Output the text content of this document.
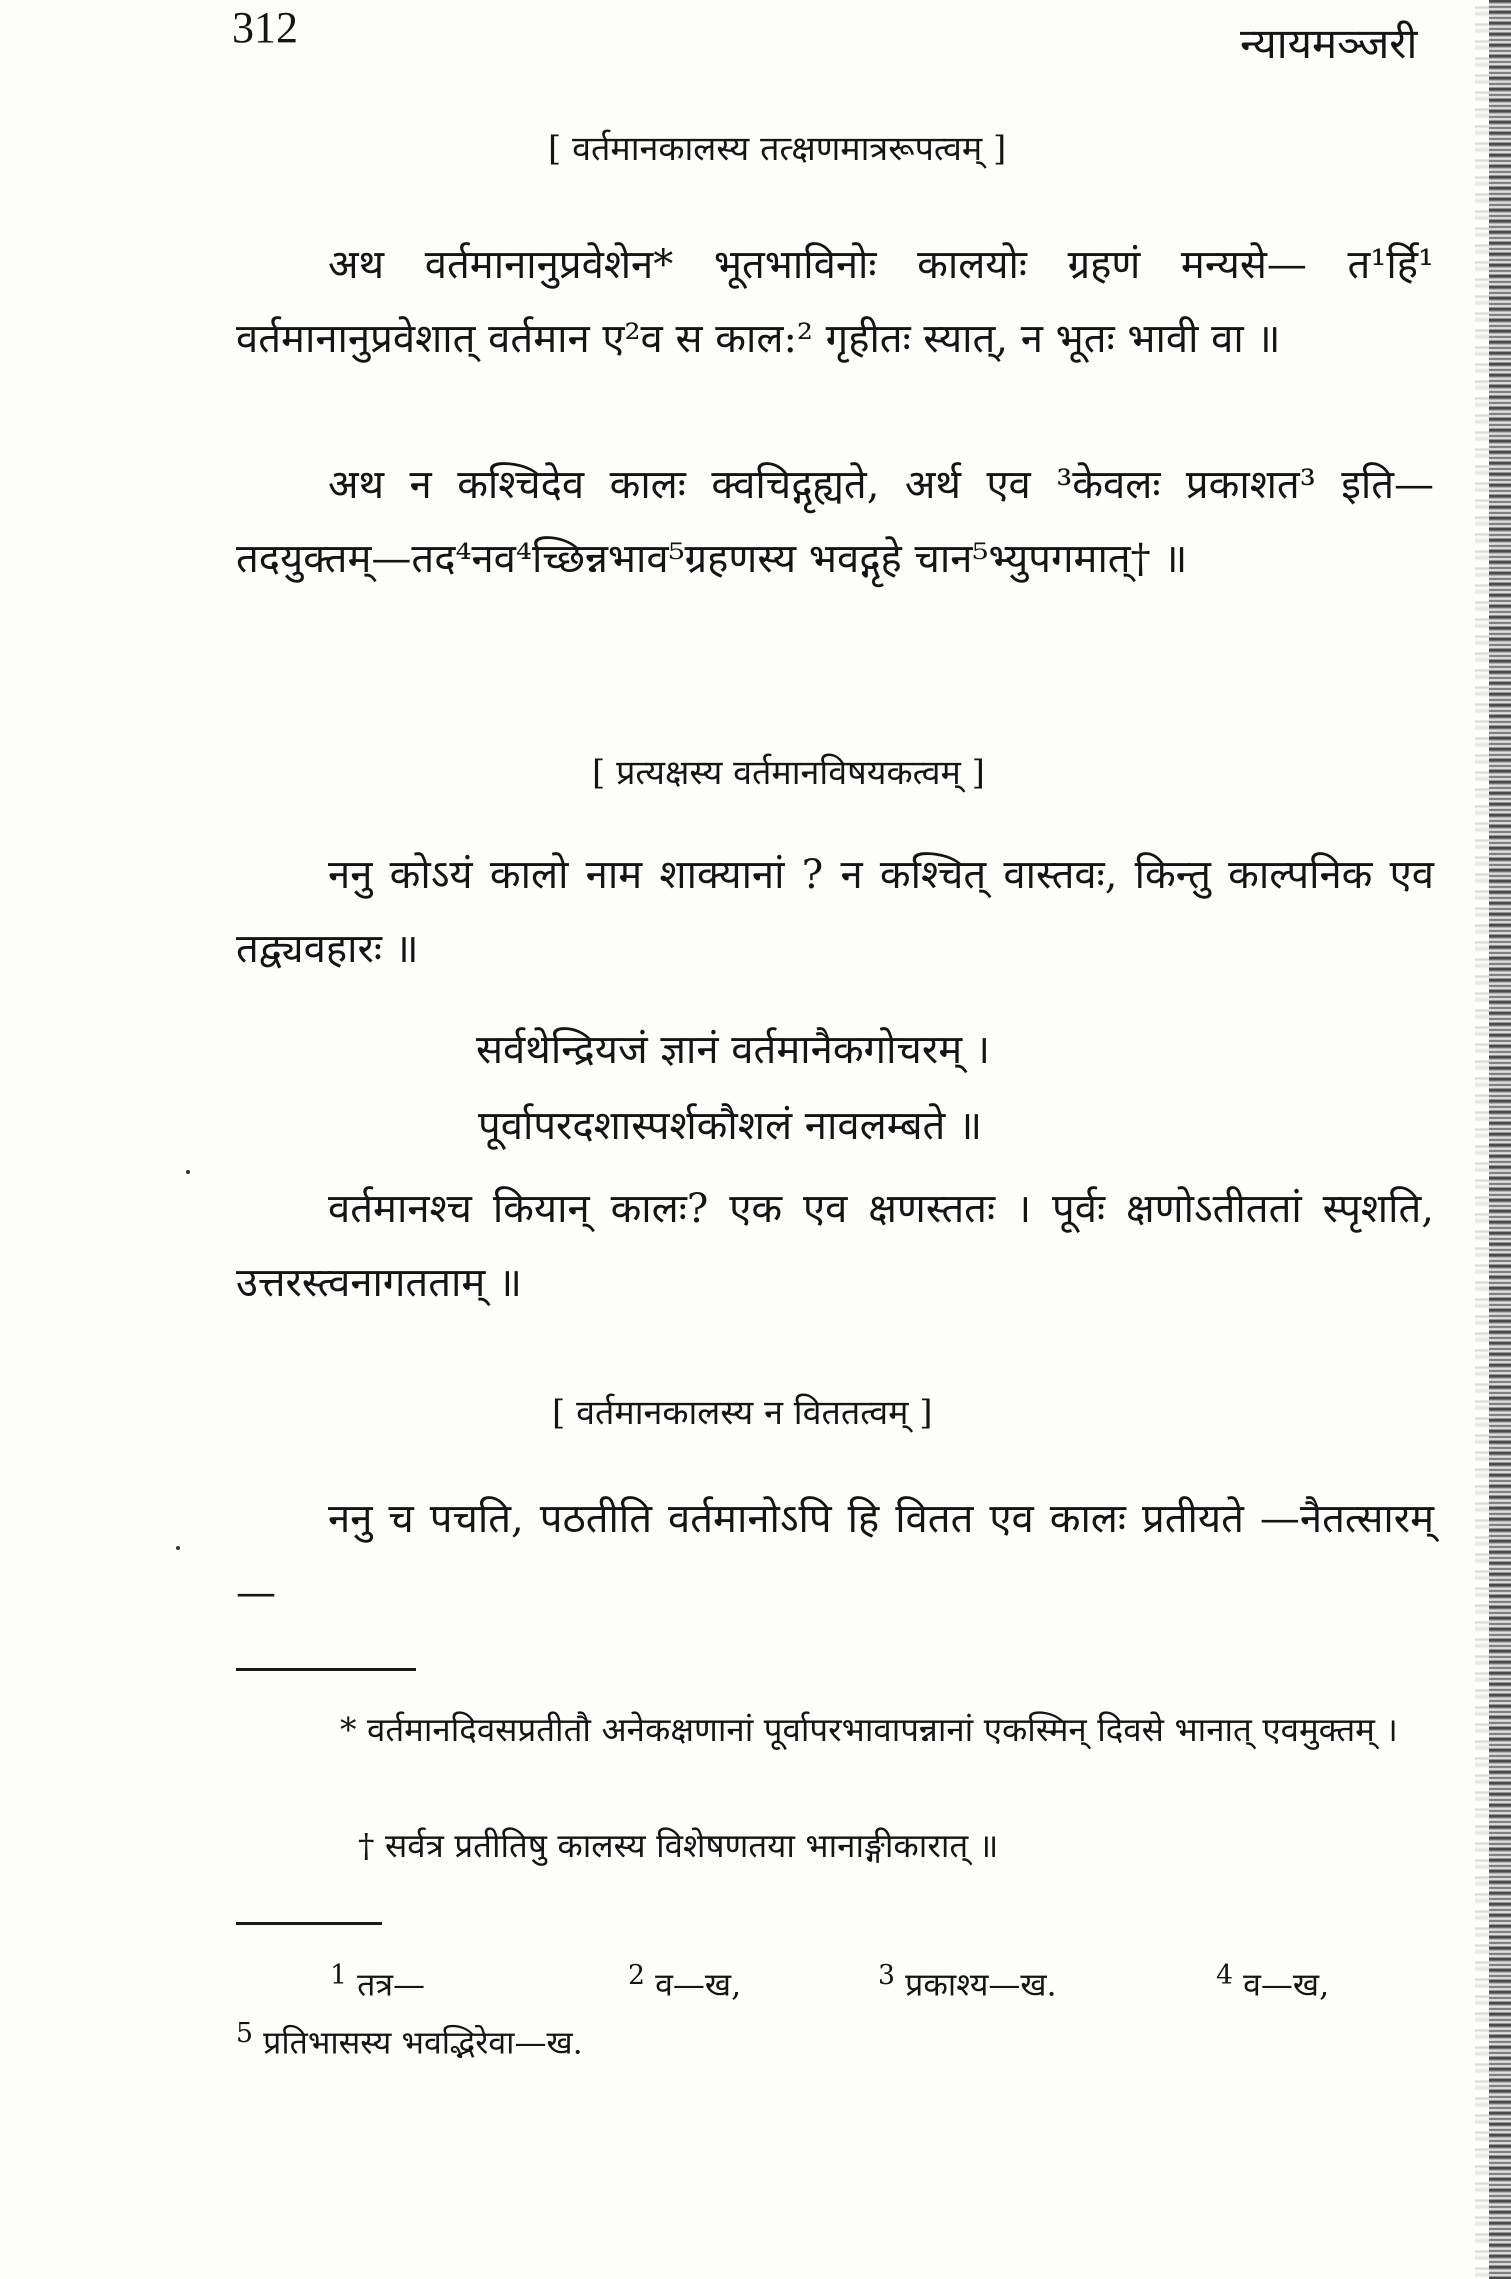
312	न्यायमञ्जरी
[ वर्तमानकालस्य तत्क्षणमात्ररूपत्वम् ]
अथ वर्तमानानुप्रवेशेन* भूतभाविनोः कालयोः ग्रहणं मन्यसे— त¹र्हि¹ वर्तमानानुप्रवेशात् वर्तमान ए²व स काल:² गृहीतः स्यात्, न भूतः भावी वा ॥
अथ न कश्चिदेव कालः क्वचिद्गृह्यते, अर्थ एव ³केवलः प्रकाशत³ इति—तदयुक्तम्—तद⁴नव⁴च्छिन्नभाव⁵ग्रहणस्य भवद्गृहे चान⁵भ्युपगमात्† ॥
[ प्रत्यक्षस्य वर्तमानविषयकत्वम् ]
ननु कोऽयं कालो नाम शाक्यानां ? न कश्चित् वास्तवः, किन्तु काल्पनिक एव तद्व्यवहारः ॥
सर्वथेन्द्रियजं ज्ञानं वर्तमानैकगोचरम् ।
पूर्वापरदशास्पर्शकौशलं नावलम्बते ॥
वर्तमानश्च कियान् कालः? एक एव क्षणस्ततः । पूर्वः क्षणोऽतीततां स्पृशति, उत्तरस्त्वनागतताम् ॥
[ वर्तमानकालस्य न विततत्वम् ]
ननु च पचति, पठतीति वर्तमानोऽपि हि वितत एव कालः प्रतीयते —नैतत्सारम्—
* वर्तमानदिवसप्रतीतौ अनेकक्षणानां पूर्वापरभावापन्नानां एकस्मिन् दिवसे भानात् एवमुक्तम् ।
† सर्वत्र प्रतीतिषु कालस्य विशेषणतया भानाङ्गीकारात् ॥
$^1$ तत्र—	$^2$ व—ख,	$^3$ प्रकाश्य—ख.	$^4$ व—ख,
$^5$ प्रतिभासस्य भवद्भिरेवा—ख.
